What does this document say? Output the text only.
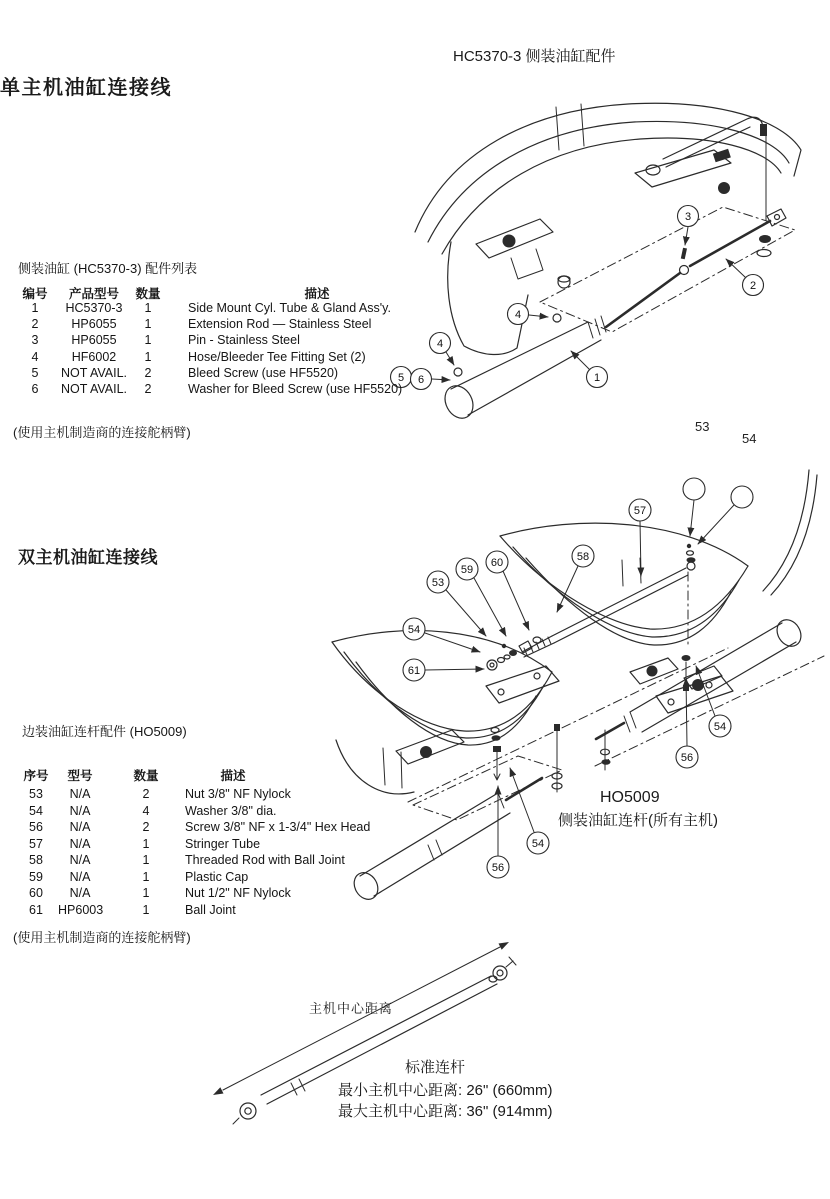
HC5370-3 侧装油缸配件
单主机油缸连接线
双主机油缸连接线
3
2
4
4
5 6	1
侧装油缸 (HC5370-3) 配件列表
编号	产品型号	数量	描述
1	HC5370-3	1	Side Mount Cyl. Tube & Gland Ass'y.
2	HP6055	1	Extension Rod — Stainless Steel
3	HP6055	1	Pin - Stainless Steel
4	HF6002	1	Hose/Bleeder Tee Fitting Set (2)
5	NOT AVAIL.	2	Bleed Screw (use HF5520)
6	NOT AVAIL.	2	Washer for Bleed Screw (use HF5520)
(使用主机制造商的连接舵柄臂)	53
54
57
58
59
60
53
54
61
54
56
54
56
HO5009
侧装油缸连杆(所有主机)
边装油缸连杆配件 (HO5009)
序号	型号	数量	描述
53	N/A	2	Nut 3/8" NF Nylock
54	N/A	4	Washer 3/8" dia.
56	N/A	2	Screw 3/8" NF x 1-3/4" Hex Head
57	N/A	1	Stringer Tube
58	N/A	1	Threaded Rod with Ball Joint
59	N/A	1	Plastic Cap
60	N/A	1	Nut 1/2" NF Nylock
61	HP6003	1	Ball Joint
(使用主机制造商的连接舵柄臂)
主机中心距离
标准连杆
最小主机中心距离: 26" (660mm)
最大主机中心距离: 36" (914mm)
